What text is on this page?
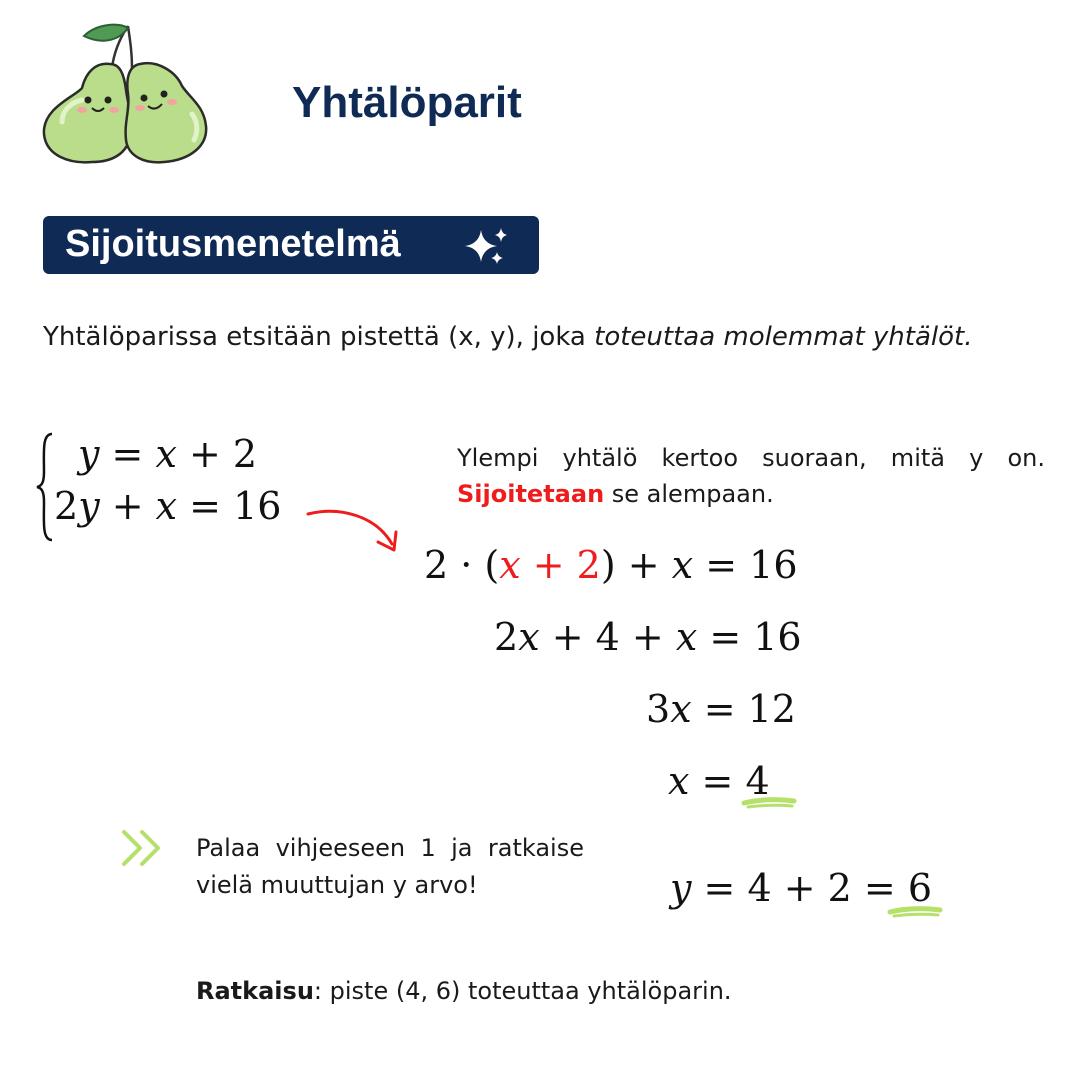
Yhtälöparit
Sijoitusmenetelmä
Yhtälöparissa etsitään pistettä (x, y), joka toteuttaa molemmat yhtälöt.
y = x + 2
2y + x = 16
Ylempi yhtälö kertoo suoraan, mitä y on. Sijoitetaan se alempaan.
2 · (x + 2) + x = 16
2x + 4 + x = 16
3x = 12
x = 4
Palaa vihjeeseen 1 ja ratkaise vielä muuttujan y arvo!	y = 4 + 2 = 6
Ratkaisu: piste (4, 6) toteuttaa yhtälöparin.
